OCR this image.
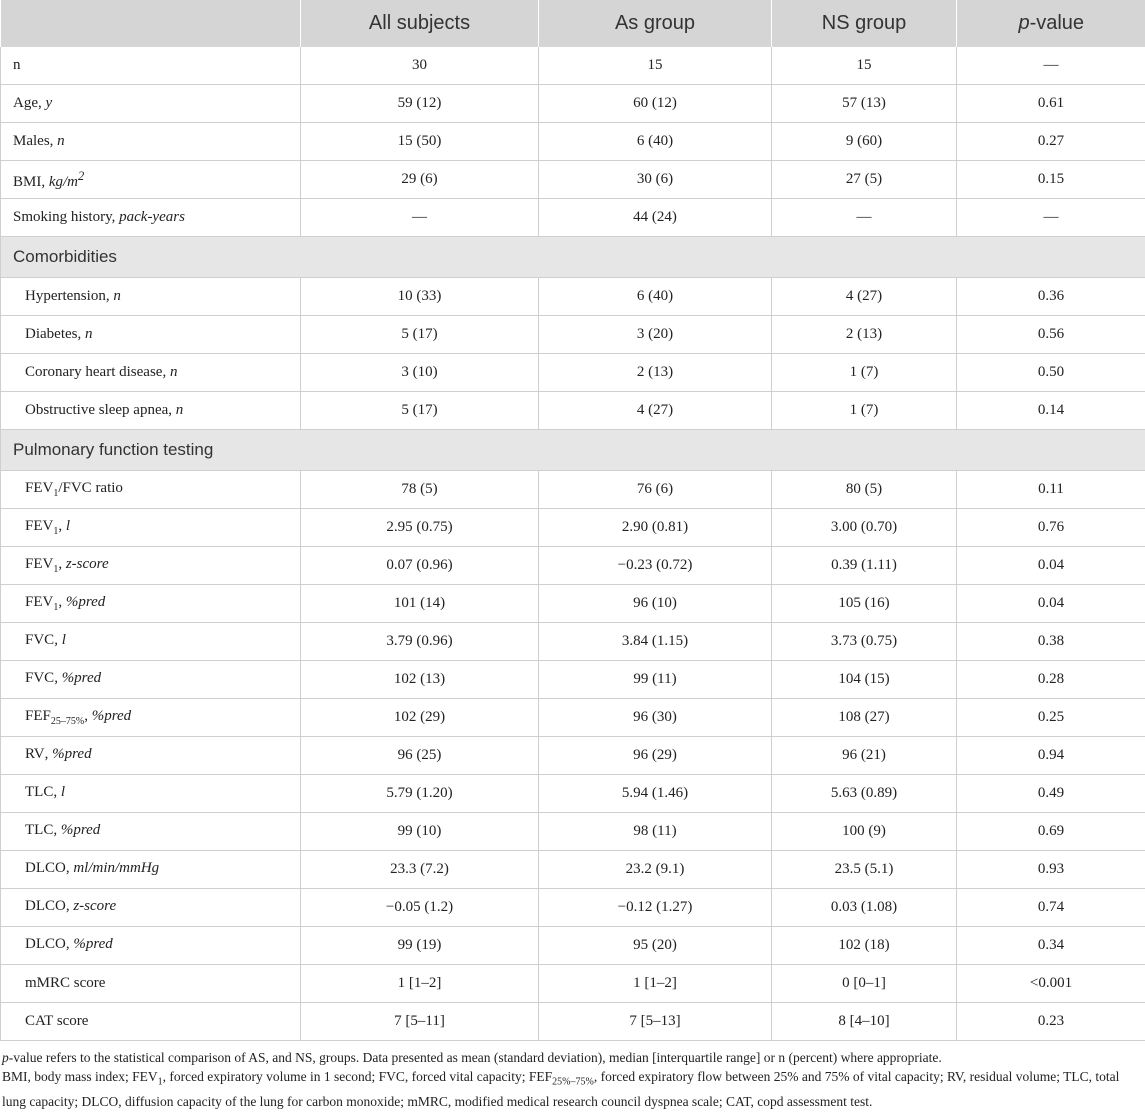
	All subjects	As group	NS group	p-value
n	30	15	15	—
Age, y	59 (12)	60 (12)	57 (13)	0.61
Males, n	15 (50)	6 (40)	9 (60)	0.27
BMI, $kg/m^2$	29 (6)	30 (6)	27 (5)	0.15
Smoking history, pack-years	—	44 (24)	—	—
Comorbidities				
Hypertension, n	10 (33)	6 (40)	4 (27)	0.36
Diabetes, n	5 (17)	3 (20)	2 (13)	0.56
Coronary heart disease, n	3 (10)	2 (13)	1 (7)	0.50
Obstructive sleep apnea, n	5 (17)	4 (27)	1 (7)	0.14
Pulmonary function testing				
$FEV_1$/FVC ratio	78 (5)	76 (6)	80 (5)	0.11
$FEV_1$, l	2.95 (0.75)	2.90 (0.81)	3.00 (0.70)	0.76
$FEV_1$, z-score	0.07 (0.96)	−0.23 (0.72)	0.39 (1.11)	0.04
$FEV_1$, %pred	101 (14)	96 (10)	105 (16)	0.04
FVC, l	3.79 (0.96)	3.84 (1.15)	3.73 (0.75)	0.38
FVC, %pred	102 (13)	99 (11)	104 (15)	0.28
$FEF_{25-75\%}$, %pred	102 (29)	96 (30)	108 (27)	0.25
RV, %pred	96 (25)	96 (29)	96 (21)	0.94
TLC, l	5.79 (1.20)	5.94 (1.46)	5.63 (0.89)	0.49
TLC, %pred	99 (10)	98 (11)	100 (9)	0.69
DLCO, ml/min/mmHg	23.3 (7.2)	23.2 (9.1)	23.5 (5.1)	0.93
DLCO, z-score	−0.05 (1.2)	−0.12 (1.27)	0.03 (1.08)	0.74
DLCO, %pred	99 (19)	95 (20)	102 (18)	0.34
mMRC score	1 [1–2]	1 [1–2]	0 [0–1]	<0.001
CAT score	7 [5–11]	7 [5–13]	8 [4–10]	0.23

p-value refers to the statistical comparison of AS, and NS, groups. Data presented as mean (standard deviation), median [interquartile range] or n (percent) where appropriate.

BMI, body mass index; $FEV_1$, forced expiratory volume in 1 second; FVC, forced vital capacity; $FEF_{25\%-75\%}$, forced expiratory flow between 25% and 75% of vital capacity; RV, residual volume; TLC, total lung capacity; DLCO, diffusion capacity of the lung for carbon monoxide; mMRC, modified medical research council dyspnea scale; CAT, copd assessment test.
